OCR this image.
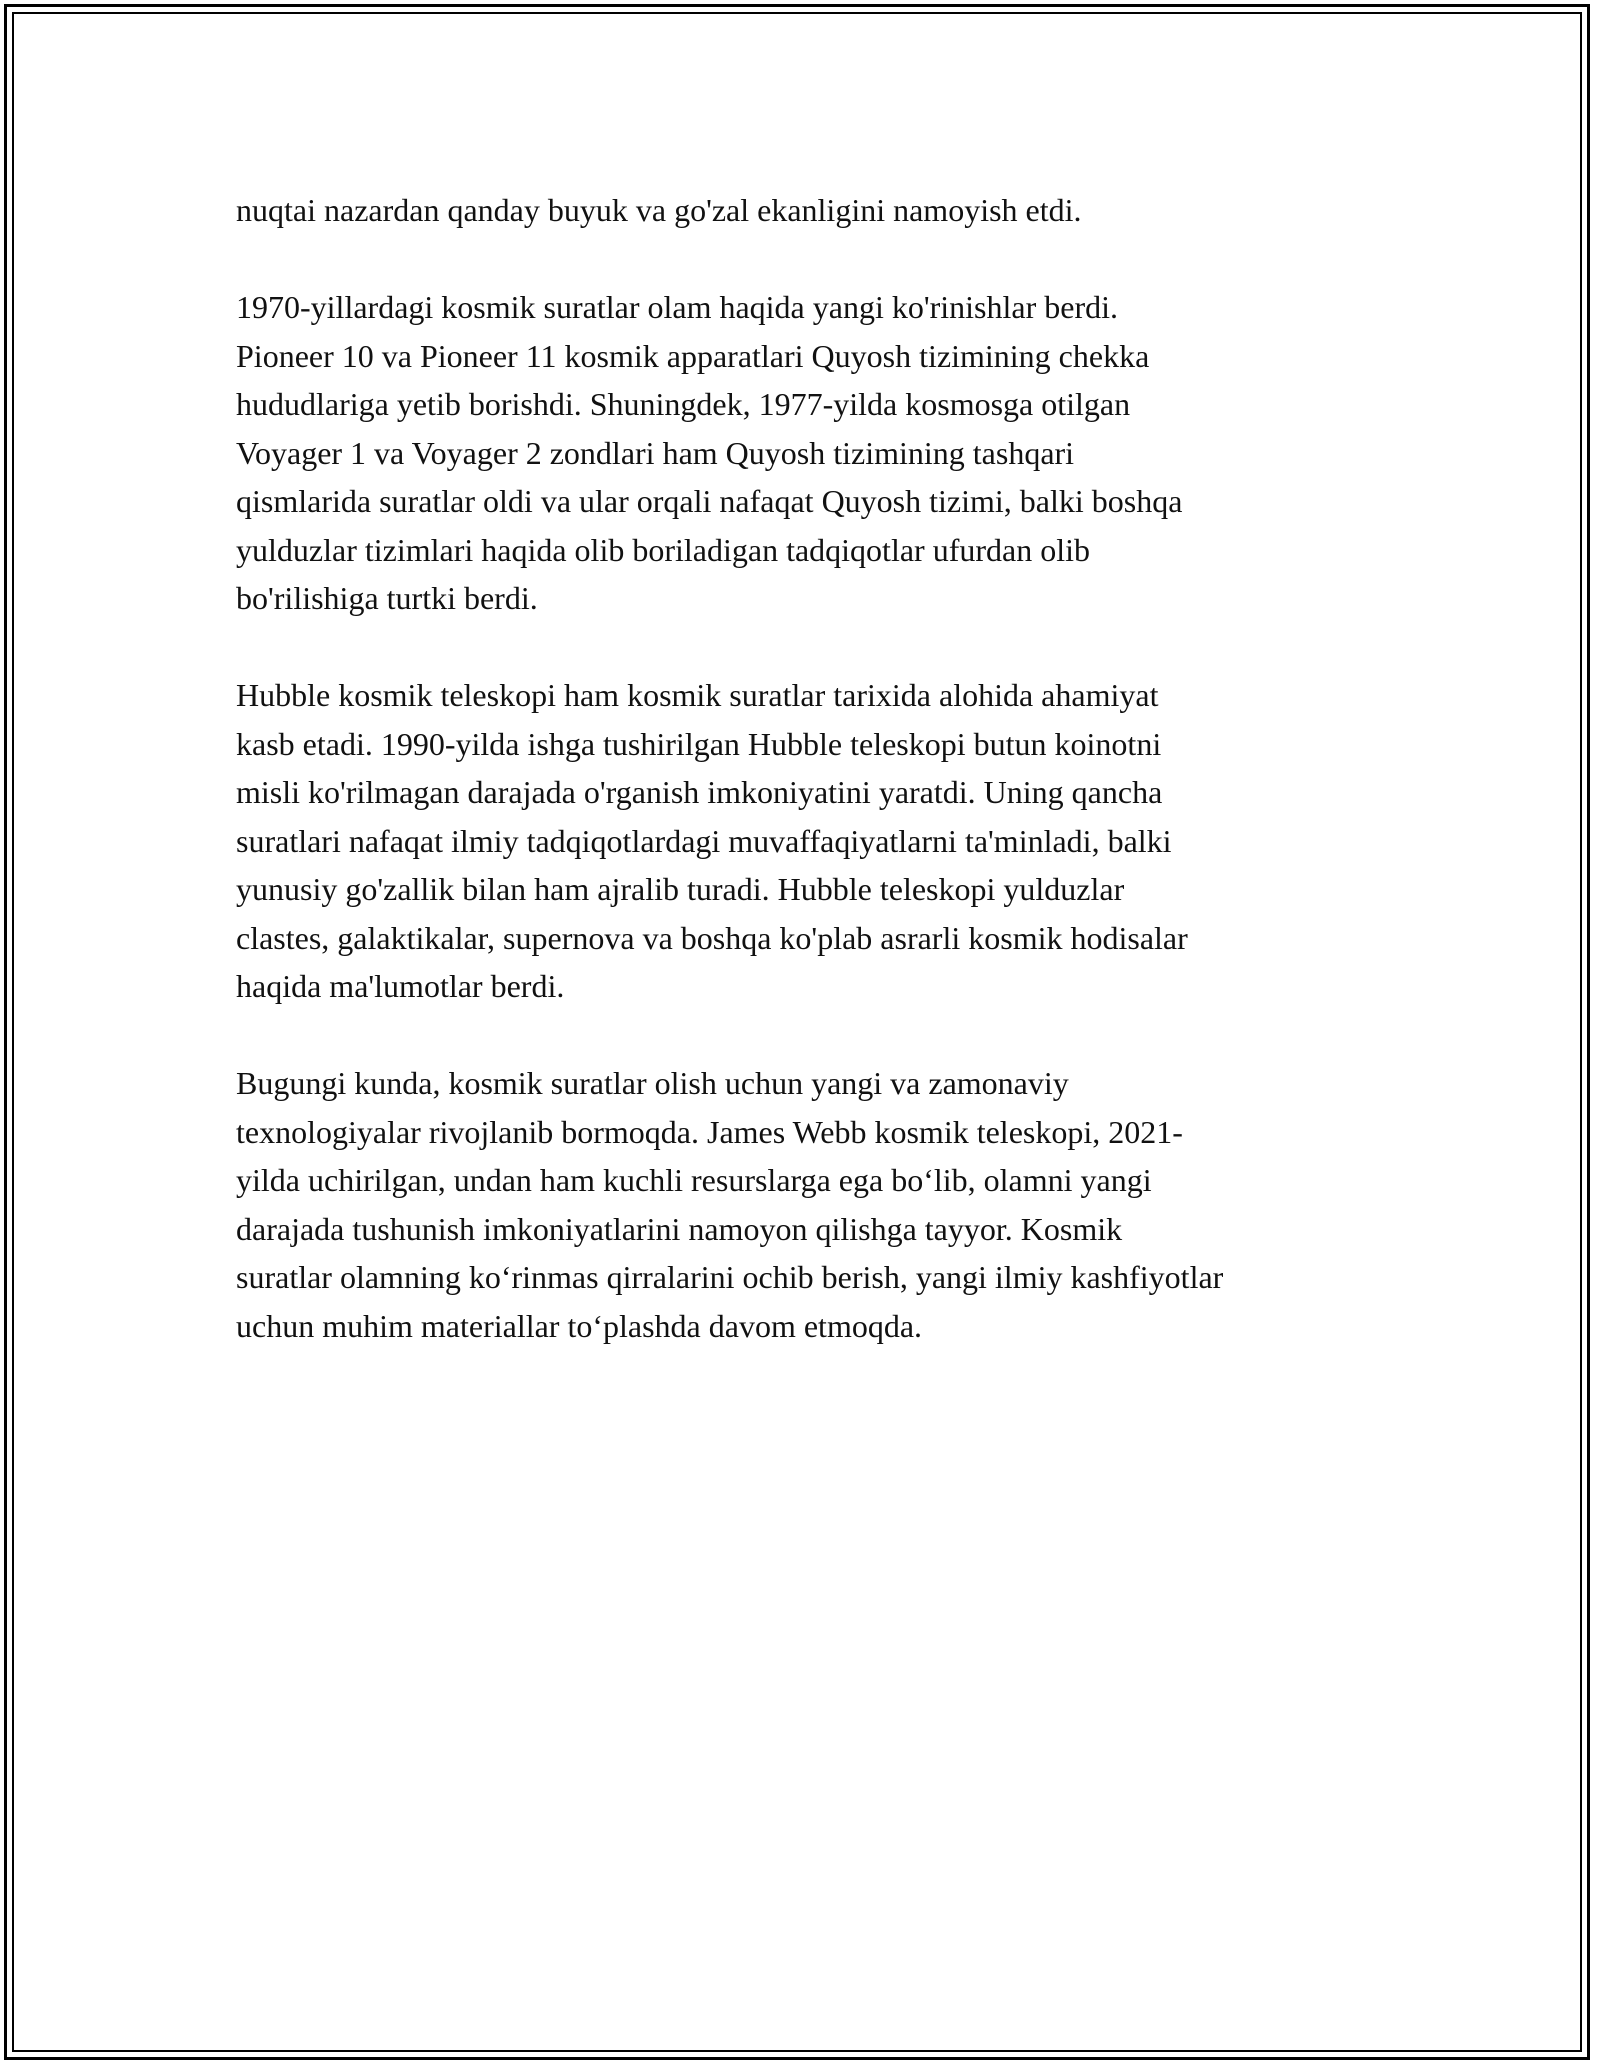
nuqtai nazardan qanday buyuk va go'zal ekanligini namoyish etdi.
1970-yillardagi kosmik suratlar olam haqida yangi ko'rinishlar berdi.
Pioneer 10 va Pioneer 11 kosmik apparatlari Quyosh tizimining chekka
hududlariga yetib borishdi. Shuningdek, 1977-yilda kosmosga otilgan
Voyager 1 va Voyager 2 zondlari ham Quyosh tizimining tashqari
qismlarida suratlar oldi va ular orqali nafaqat Quyosh tizimi, balki boshqa
yulduzlar tizimlari haqida olib boriladigan tadqiqotlar ufurdan olib
bo'rilishiga turtki berdi.
Hubble kosmik teleskopi ham kosmik suratlar tarixida alohida ahamiyat
kasb etadi. 1990-yilda ishga tushirilgan Hubble teleskopi butun koinotni
misli ko'rilmagan darajada o'rganish imkoniyatini yaratdi. Uning qancha
suratlari nafaqat ilmiy tadqiqotlardagi muvaffaqiyatlarni ta'minladi, balki
yunusiy go'zallik bilan ham ajralib turadi. Hubble teleskopi yulduzlar
clastes, galaktikalar, supernova va boshqa ko'plab asrarli kosmik hodisalar
haqida ma'lumotlar berdi.
Bugungi kunda, kosmik suratlar olish uchun yangi va zamonaviy
texnologiyalar rivojlanib bormoqda. James Webb kosmik teleskopi, 2021-
yilda uchirilgan, undan ham kuchli resurslarga ega bo‘lib, olamni yangi
darajada tushunish imkoniyatlarini namoyon qilishga tayyor. Kosmik
suratlar olamning ko‘rinmas qirralarini ochib berish, yangi ilmiy kashfiyotlar
uchun muhim materiallar to‘plashda davom etmoqda.
